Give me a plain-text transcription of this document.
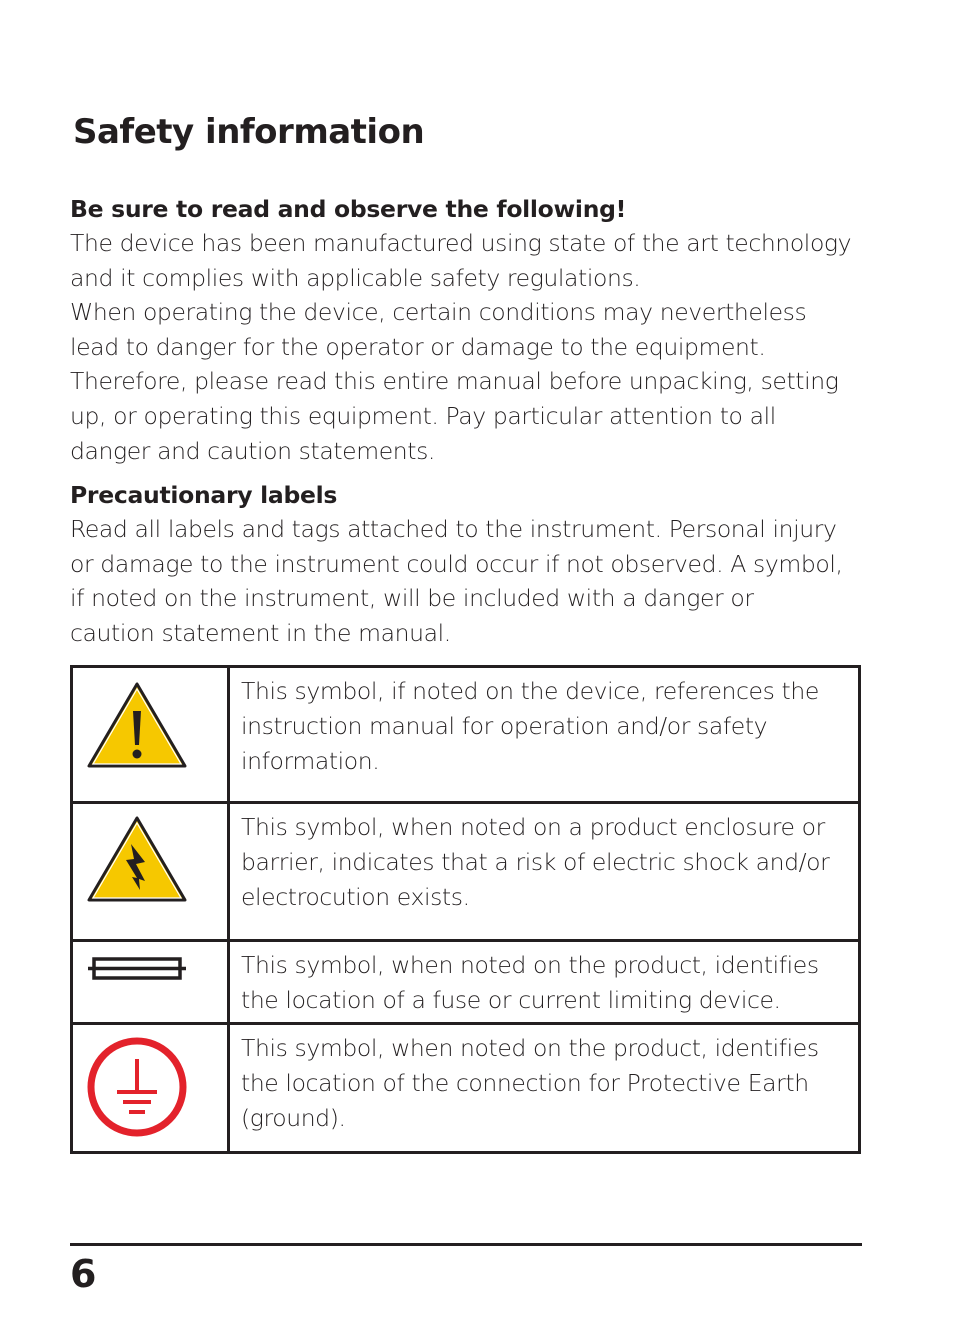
Safety information
Be sure to read and observe the following!

The device has been manufactured using state of the art technology

and it complies with applicable safety regulations.

When operating the device, certain conditions may nevertheless

lead to danger for the operator or damage to the equipment.

Therefore, please read this entire manual before unpacking, setting

up, or operating this equipment. Pay particular attention to all

danger and caution statements.

Precautionary labels

Read all labels and tags attached to the instrument. Personal injury

or damage to the instrument could occur if not observed. A symbol,

if noted on the instrument, will be included with a danger or

caution statement in the manual.

This symbol, if noted on the device, references the
instruction manual for operation and/or safety
information.

This symbol, when noted on a product enclosure or
barrier, indicates that a risk of electric shock and/or
electrocution exists.

This symbol, when noted on the product, identifies
the location of a fuse or current limiting device.

This symbol, when noted on the product, identifies
the location of the connection for Protective Earth
(ground).
6
